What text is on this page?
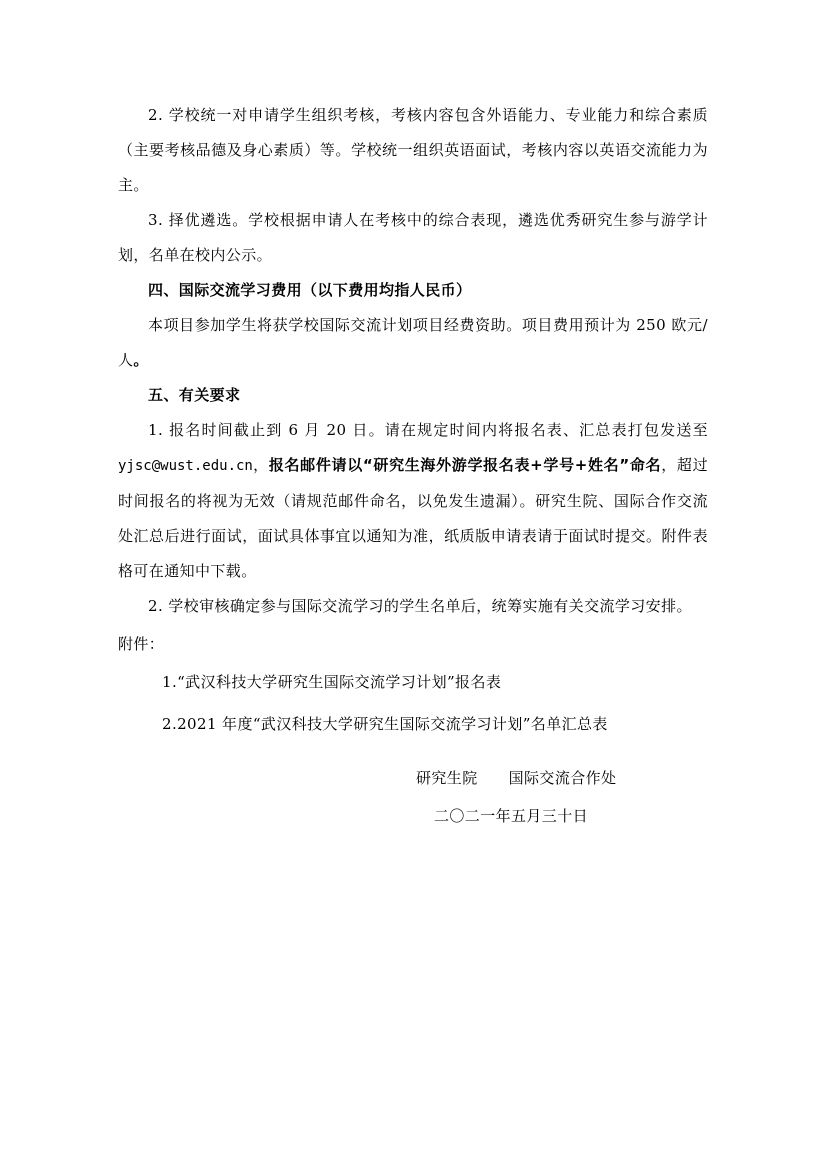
2. 学校统一对申请学生组织考核，考核内容包含外语能力、专业能力和综合素质（主要考核品德及身心素质）等。学校统一组织英语面试，考核内容以英语交流能力为主。

3. 择优遴选。学校根据申请人在考核中的综合表现，遴选优秀研究生参与游学计划，名单在校内公示。

四、国际交流学习费用（以下费用均指人民币）

本项目参加学生将获学校国际交流计划项目经费资助。项目费用预计为 250 欧元/人。

五、有关要求

1. 报名时间截止到 6 月 20 日。请在规定时间内将报名表、汇总表打包发送至 yjsc@wust.edu.cn，报名邮件请以“研究生海外游学报名表+学号+姓名”命名，超过时间报名的将视为无效（请规范邮件命名，以免发生遗漏）。研究生院、国际合作交流处汇总后进行面试，面试具体事宜以通知为准，纸质版申请表请于面试时提交。附件表格可在通知中下载。

2. 学校审核确定参与国际交流学习的学生名单后，统筹实施有关交流学习安排。

附件：

1.“武汉科技大学研究生国际交流学习计划”报名表

2.2021 年度“武汉科技大学研究生国际交流学习计划”名单汇总表

研究生院 国际交流合作处

二〇二一年五月三十日
